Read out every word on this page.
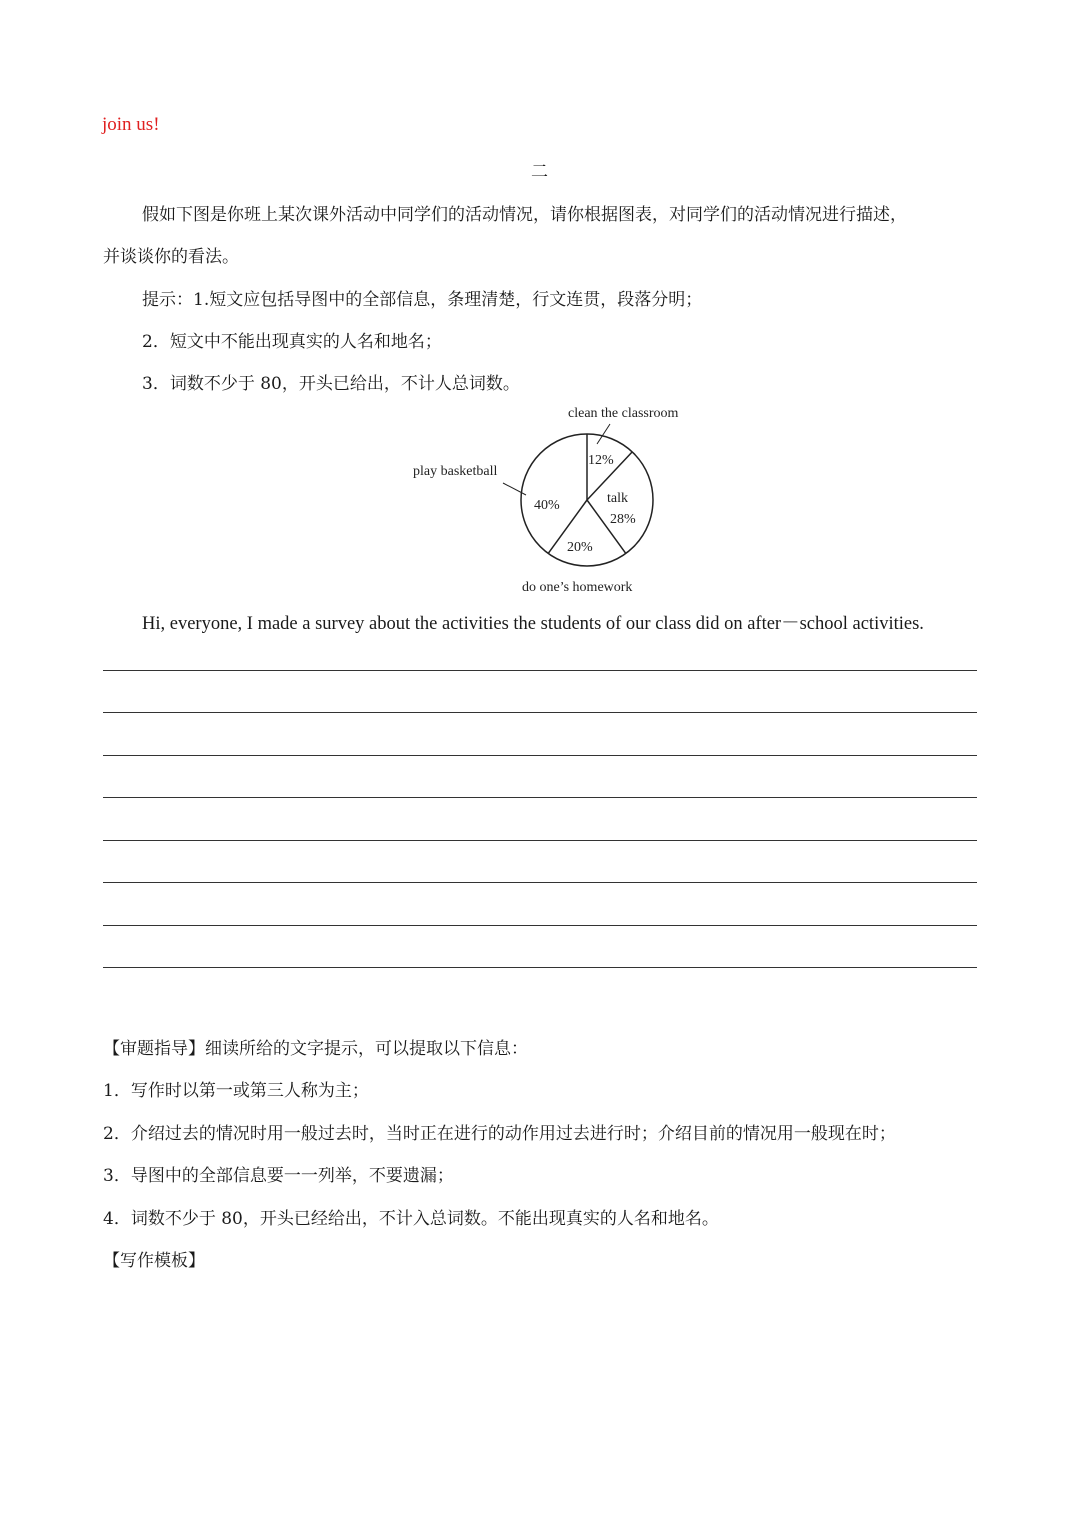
join us!
二
假如下图是你班上某次课外活动中同学们的活动情况，请你根据图表，对同学们的活动情况进行描述，
并谈谈你的看法。
提示：1.短文应包括导图中的全部信息，条理清楚，行文连贯，段落分明；
2．短文中不能出现真实的人名和地名；
3．词数不少于 80，开头已给出，不计人总词数。
clean the classroom
play basketball
talk
do one’s homework
12%
28%
20%
40%
Hi, everyone, I made a survey about the activities the students of our class did on after－school activities.
【审题指导】细读所给的文字提示，可以提取以下信息：
1．写作时以第一或第三人称为主；
2．介绍过去的情况时用一般过去时，当时正在进行的动作用过去进行时；介绍目前的情况用一般现在时；
3．导图中的全部信息要一一列举，不要遗漏；
4．词数不少于 80，开头已经给出，不计入总词数。不能出现真实的人名和地名。
【写作模板】
